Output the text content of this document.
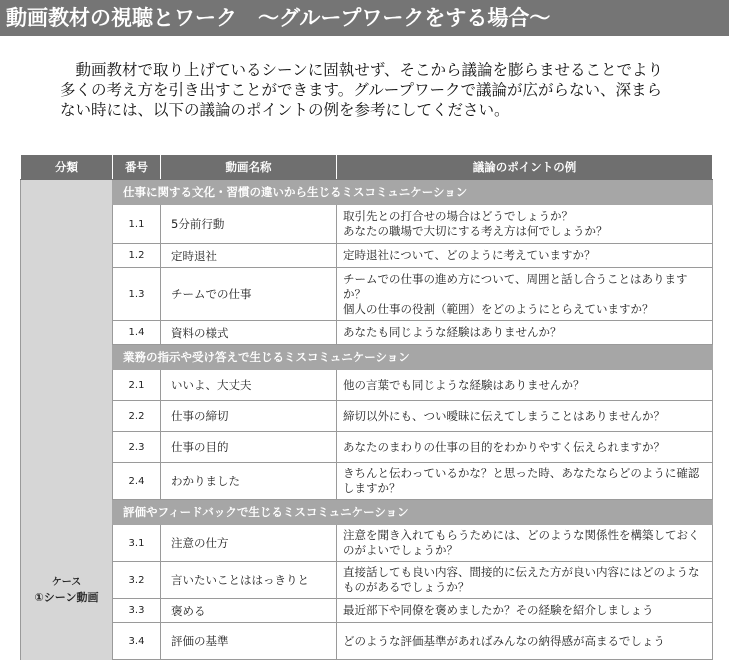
動画教材の視聴とワーク　～グループワークをする場合～
　動画教材で取り上げているシーンに固執せず、そこから議論を膨らませることでより多くの考え方を引き出すことができます。グループワークで議論が広がらない、深まらない時には、以下の議論のポイントの例を参考にしてください。
分類	番号	動画名称	議論のポイントの例

ケース
①シーン動画	仕事に関する文化・習慣の違いから生じるミスコミュニケーション		
	1.1	5分前行動	取引先との打合せの場合はどうでしょうか？
あなたの職場で大切にする考え方は何でしょうか？
	1.2	定時退社	定時退社について、どのように考えていますか？
	1.3	チームでの仕事	チームでの仕事の進め方について、周囲と話し合うことはありますか？
個人の仕事の役割（範囲）をどのようにとらえていますか？
	1.4	資料の様式	あなたも同じような経験はありませんか？
	業務の指示や受け答えで生じるミスコミュニケーション		
	2.1	いいよ、大丈夫	他の言葉でも同じような経験はありませんか？
	2.2	仕事の締切	締切以外にも、つい曖昧に伝えてしまうことはありませんか？
	2.3	仕事の目的	あなたのまわりの仕事の目的をわかりやすく伝えられますか？
	2.4	わかりました	きちんと伝わっているかな？と思った時、あなたならどのように確認しますか？
	評価やフィードバックで生じるミスコミュニケーション		
	3.1	注意の仕方	注意を聞き入れてもらうためには、どのような関係性を構築しておくのがよいでしょうか？
	3.2	言いたいことははっきりと	直接話しても良い内容、間接的に伝えた方が良い内容にはどのようなものがあるでしょうか？
	3.3	褒める	最近部下や同僚を褒めましたか？その経験を紹介しましょう
	3.4	評価の基準	どのような評価基準があればみんなの納得感が高まるでしょう
